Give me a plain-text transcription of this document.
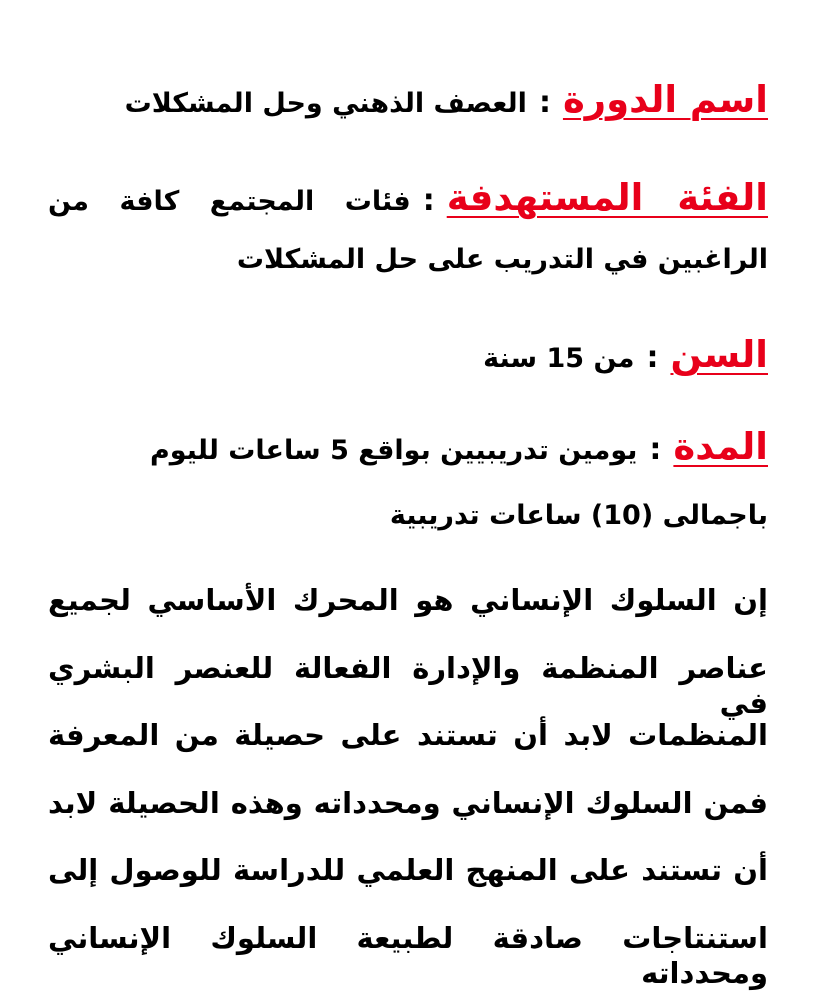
اسم الدورة:العصف الذهني وحل المشكلات
الفئة المستهدفة:فئات المجتمع كافة من
الراغبين في التدريب على حل المشكلات
السن:من 15 سنة
المدة:يومين تدريبيين بواقع 5 ساعات لليوم
باجمالى (10) ساعات تدريبية
إن السلوك الإنساني هو المحرك الأساسي لجميع
عناصر المنظمة والإدارة الفعالة للعنصر البشري في
المنظمات لابد أن تستند على حصيلة من المعرفة
فمن السلوك الإنساني ومحدداته وهذه الحصيلة لابد
أن تستند على المنهج العلمي للدراسة للوصول إلى
استنتاجات صادقة لطبيعة السلوك الإنساني ومحدداته
